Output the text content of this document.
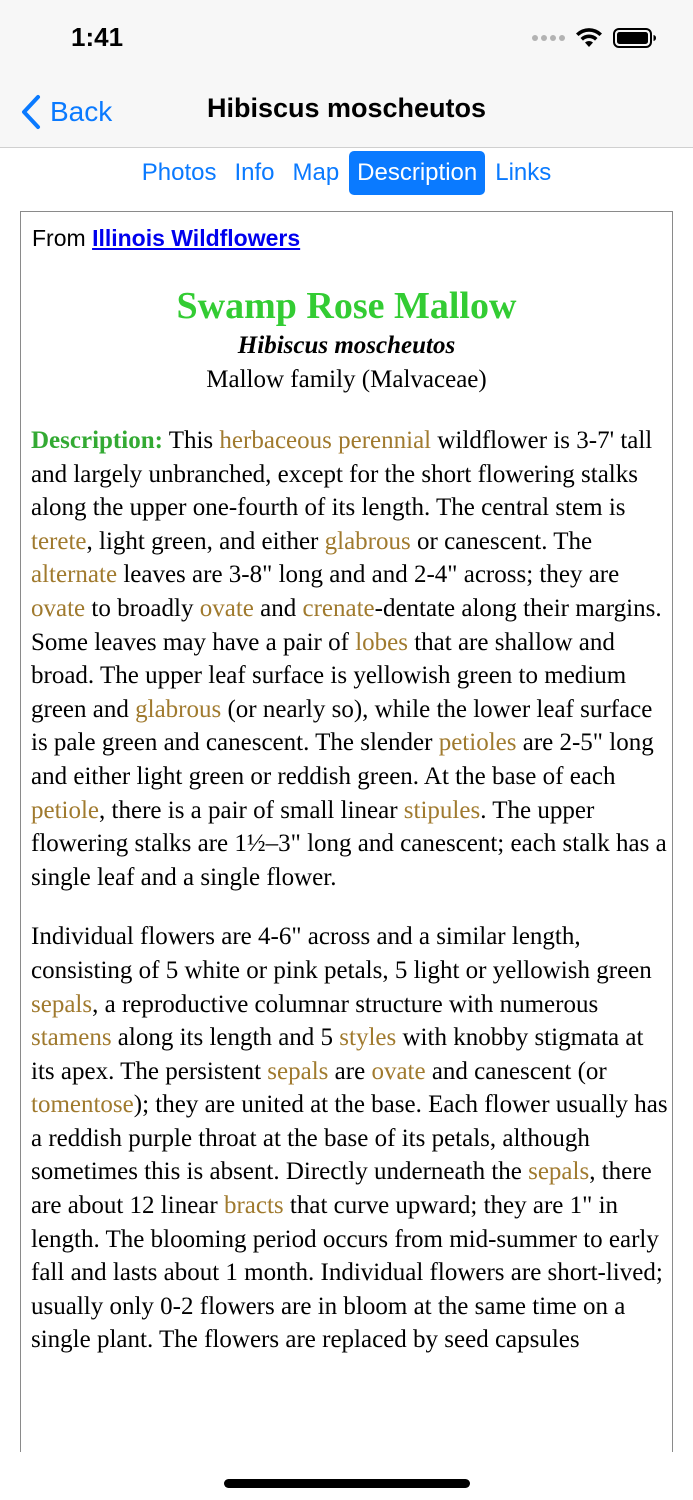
1:41
Back	Hibiscus moscheutos
Photos Info Map Description Links
From Illinois Wildflowers
Swamp Rose Mallow
Hibiscus moscheutos
Mallow family (Malvaceae)

Description: This herbaceous perennial wildflower is 3-7' tall and largely unbranched, except for the short flowering stalks along the upper one-fourth of its length. The central stem is terete, light green, and either glabrous or canescent. The alternate leaves are 3-8" long and and 2-4" across; they are ovate to broadly ovate and crenate-dentate along their margins. Some leaves may have a pair of lobes that are shallow and broad. The upper leaf surface is yellowish green to medium green and glabrous (or nearly so), while the lower leaf surface is pale green and canescent. The slender petioles are 2-5" long and either light green or reddish green. At the base of each petiole, there is a pair of small linear stipules. The upper flowering stalks are 1½–3" long and canescent; each stalk has a single leaf and a single flower.

Individual flowers are 4-6" across and a similar length, consisting of 5 white or pink petals, 5 light or yellowish green sepals, a reproductive columnar structure with numerous stamens along its length and 5 styles with knobby stigmata at its apex. The persistent sepals are ovate and canescent (or tomentose); they are united at the base. Each flower usually has a reddish purple throat at the base of its petals, although sometimes this is absent. Directly underneath the sepals, there are about 12 linear bracts that curve upward; they are 1" in length. The blooming period occurs from mid-summer to early fall and lasts about 1 month. Individual flowers are short-lived; usually only 0-2 flowers are in bloom at the same time on a single plant. The flowers are replaced by seed capsules
